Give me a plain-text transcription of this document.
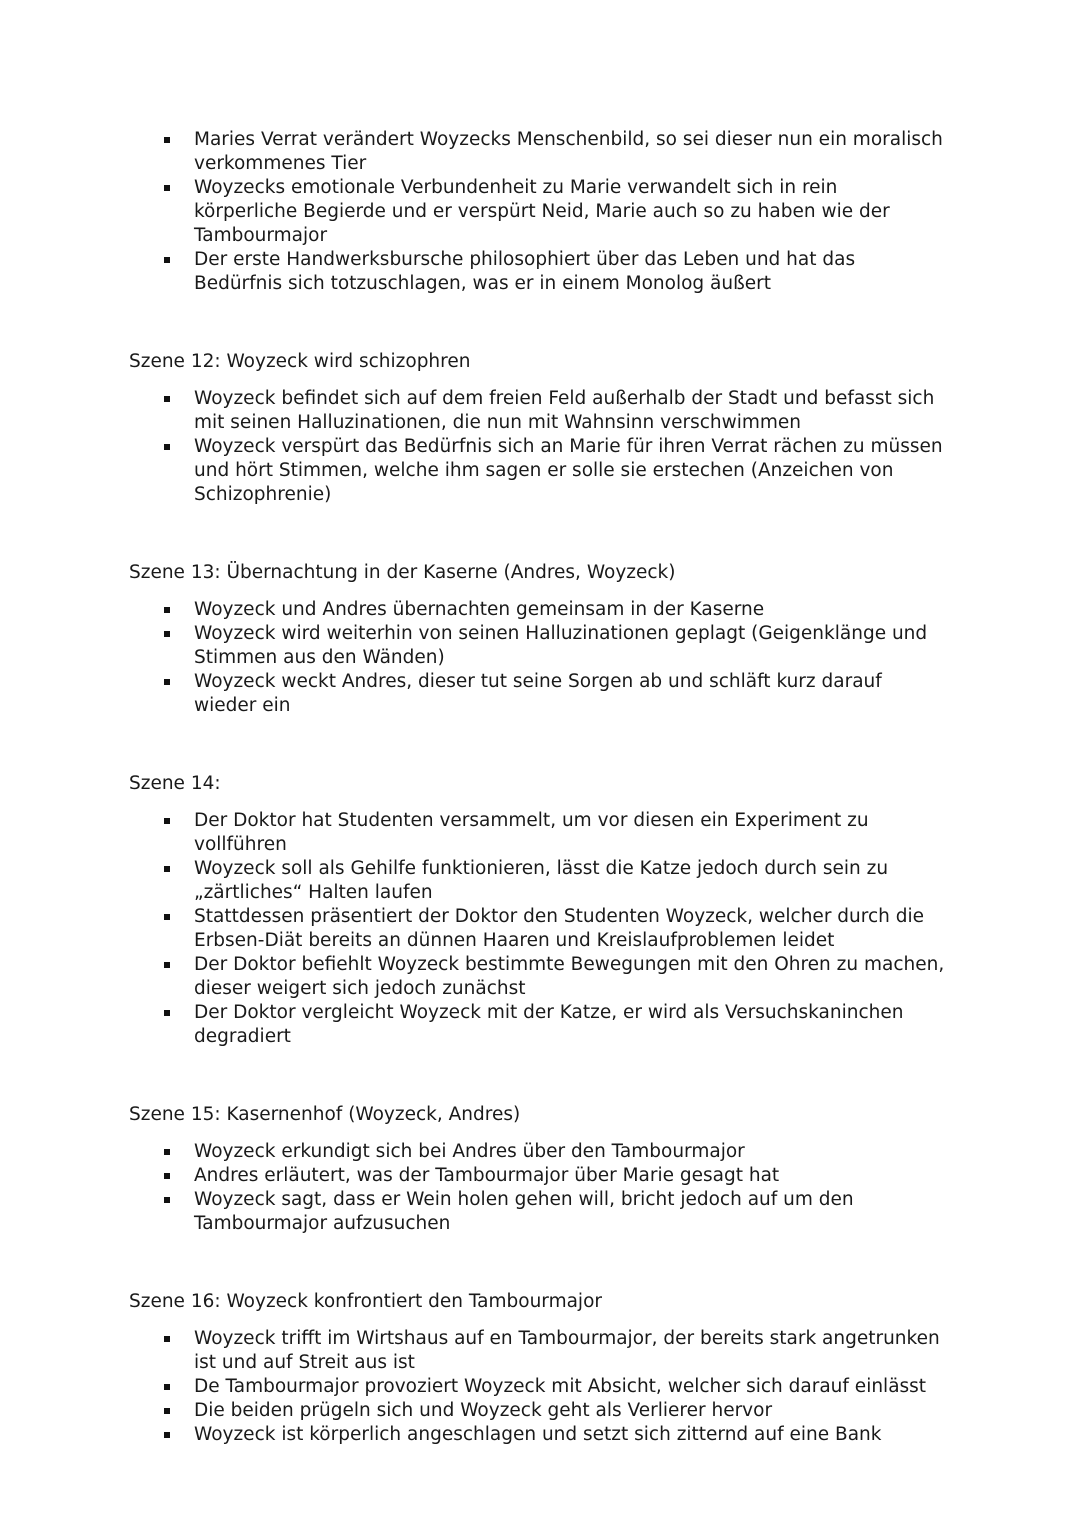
Maries Verrat verändert Woyzecks Menschenbild, so sei dieser nun ein moralisch verkommenes Tier
Woyzecks emotionale Verbundenheit zu Marie verwandelt sich in rein körperliche Begierde und er verspürt Neid, Marie auch so zu haben wie der Tambourmajor
Der erste Handwerksbursche philosophiert über das Leben und hat das Bedürfnis sich totzuschlagen, was er in einem Monolog äußert
Szene 12: Woyzeck wird schizophren
Woyzeck befindet sich auf dem freien Feld außerhalb der Stadt und befasst sich mit seinen Halluzinationen, die nun mit Wahnsinn verschwimmen
Woyzeck verspürt das Bedürfnis sich an Marie für ihren Verrat rächen zu müssen und hört Stimmen, welche ihm sagen er solle sie erstechen (Anzeichen von Schizophrenie)
Szene 13: Übernachtung in der Kaserne (Andres, Woyzeck)
Woyzeck und Andres übernachten gemeinsam in der Kaserne
Woyzeck wird weiterhin von seinen Halluzinationen geplagt (Geigenklänge und Stimmen aus den Wänden)
Woyzeck weckt Andres, dieser tut seine Sorgen ab und schläft kurz darauf wieder ein
Szene 14:
Der Doktor hat Studenten versammelt, um vor diesen ein Experiment zu vollführen
Woyzeck soll als Gehilfe funktionieren, lässt die Katze jedoch durch sein zu „zärtliches“ Halten laufen
Stattdessen präsentiert der Doktor den Studenten Woyzeck, welcher durch die Erbsen-Diät bereits an dünnen Haaren und Kreislaufproblemen leidet
Der Doktor befiehlt Woyzeck bestimmte Bewegungen mit den Ohren zu machen, dieser weigert sich jedoch zunächst
Der Doktor vergleicht Woyzeck mit der Katze, er wird als Versuchskaninchen degradiert
Szene 15: Kasernenhof (Woyzeck, Andres)
Woyzeck erkundigt sich bei Andres über den Tambourmajor
Andres erläutert, was der Tambourmajor über Marie gesagt hat
Woyzeck sagt, dass er Wein holen gehen will, bricht jedoch auf um den Tambourmajor aufzusuchen
Szene 16: Woyzeck konfrontiert den Tambourmajor
Woyzeck trifft im Wirtshaus auf en Tambourmajor, der bereits stark angetrunken ist und auf Streit aus ist
De Tambourmajor provoziert Woyzeck mit Absicht, welcher sich darauf einlässt
Die beiden prügeln sich und Woyzeck geht als Verlierer hervor
Woyzeck ist körperlich angeschlagen und setzt sich zitternd auf eine Bank
